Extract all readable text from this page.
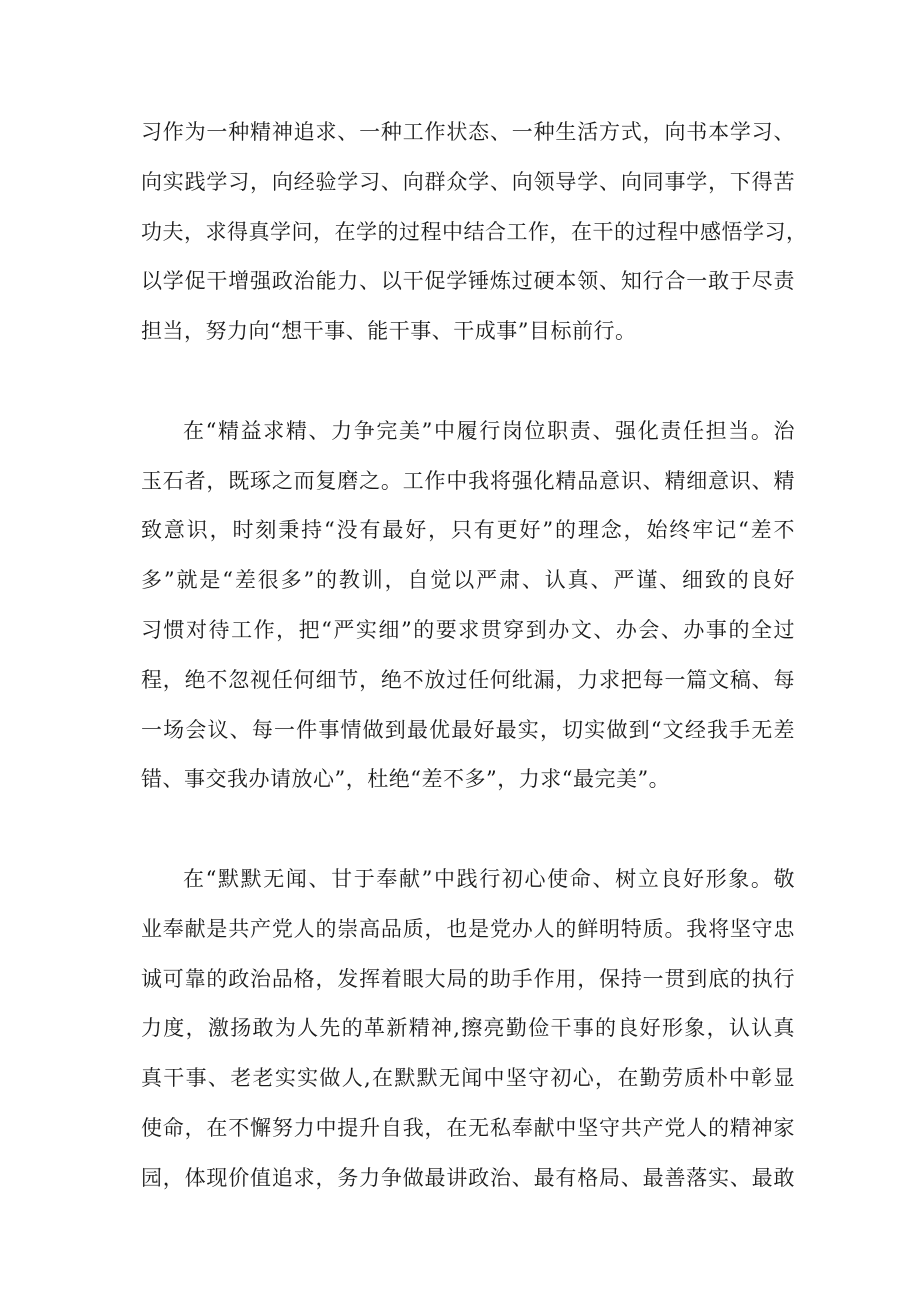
习作为一种精神追求、一种工作状态、一种生活方式，向书本学习、
向实践学习，向经验学习、向群众学、向领导学、向同事学，下得苦
功夫，求得真学问，在学的过程中结合工作，在干的过程中感悟学习，
以学促干增强政治能力、以干促学锤炼过硬本领、知行合一敢于尽责
担当，努力向“想干事、能干事、干成事”目标前行。
在“精益求精、力争完美”中履行岗位职责、强化责任担当。治
玉石者，既琢之而复磨之。工作中我将强化精品意识、精细意识、精
致意识，时刻秉持“没有最好，只有更好”的理念，始终牢记“差不
多”就是“差很多”的教训，自觉以严肃、认真、严谨、细致的良好
习惯对待工作，把“严实细”的要求贯穿到办文、办会、办事的全过
程，绝不忽视任何细节，绝不放过任何纰漏，力求把每一篇文稿、每
一场会议、每一件事情做到最优最好最实，切实做到“文经我手无差
错、事交我办请放心”，杜绝“差不多”，力求“最完美”。
在“默默无闻、甘于奉献”中践行初心使命、树立良好形象。敬
业奉献是共产党人的崇高品质，也是党办人的鲜明特质。我将坚守忠
诚可靠的政治品格，发挥着眼大局的助手作用，保持一贯到底的执行
力度，激扬敢为人先的革新精神,擦亮勤俭干事的良好形象，认认真
真干事、老老实实做人,在默默无闻中坚守初心，在勤劳质朴中彰显
使命，在不懈努力中提升自我，在无私奉献中坚守共产党人的精神家
园，体现价值追求，务力争做最讲政治、最有格局、最善落实、最敢
